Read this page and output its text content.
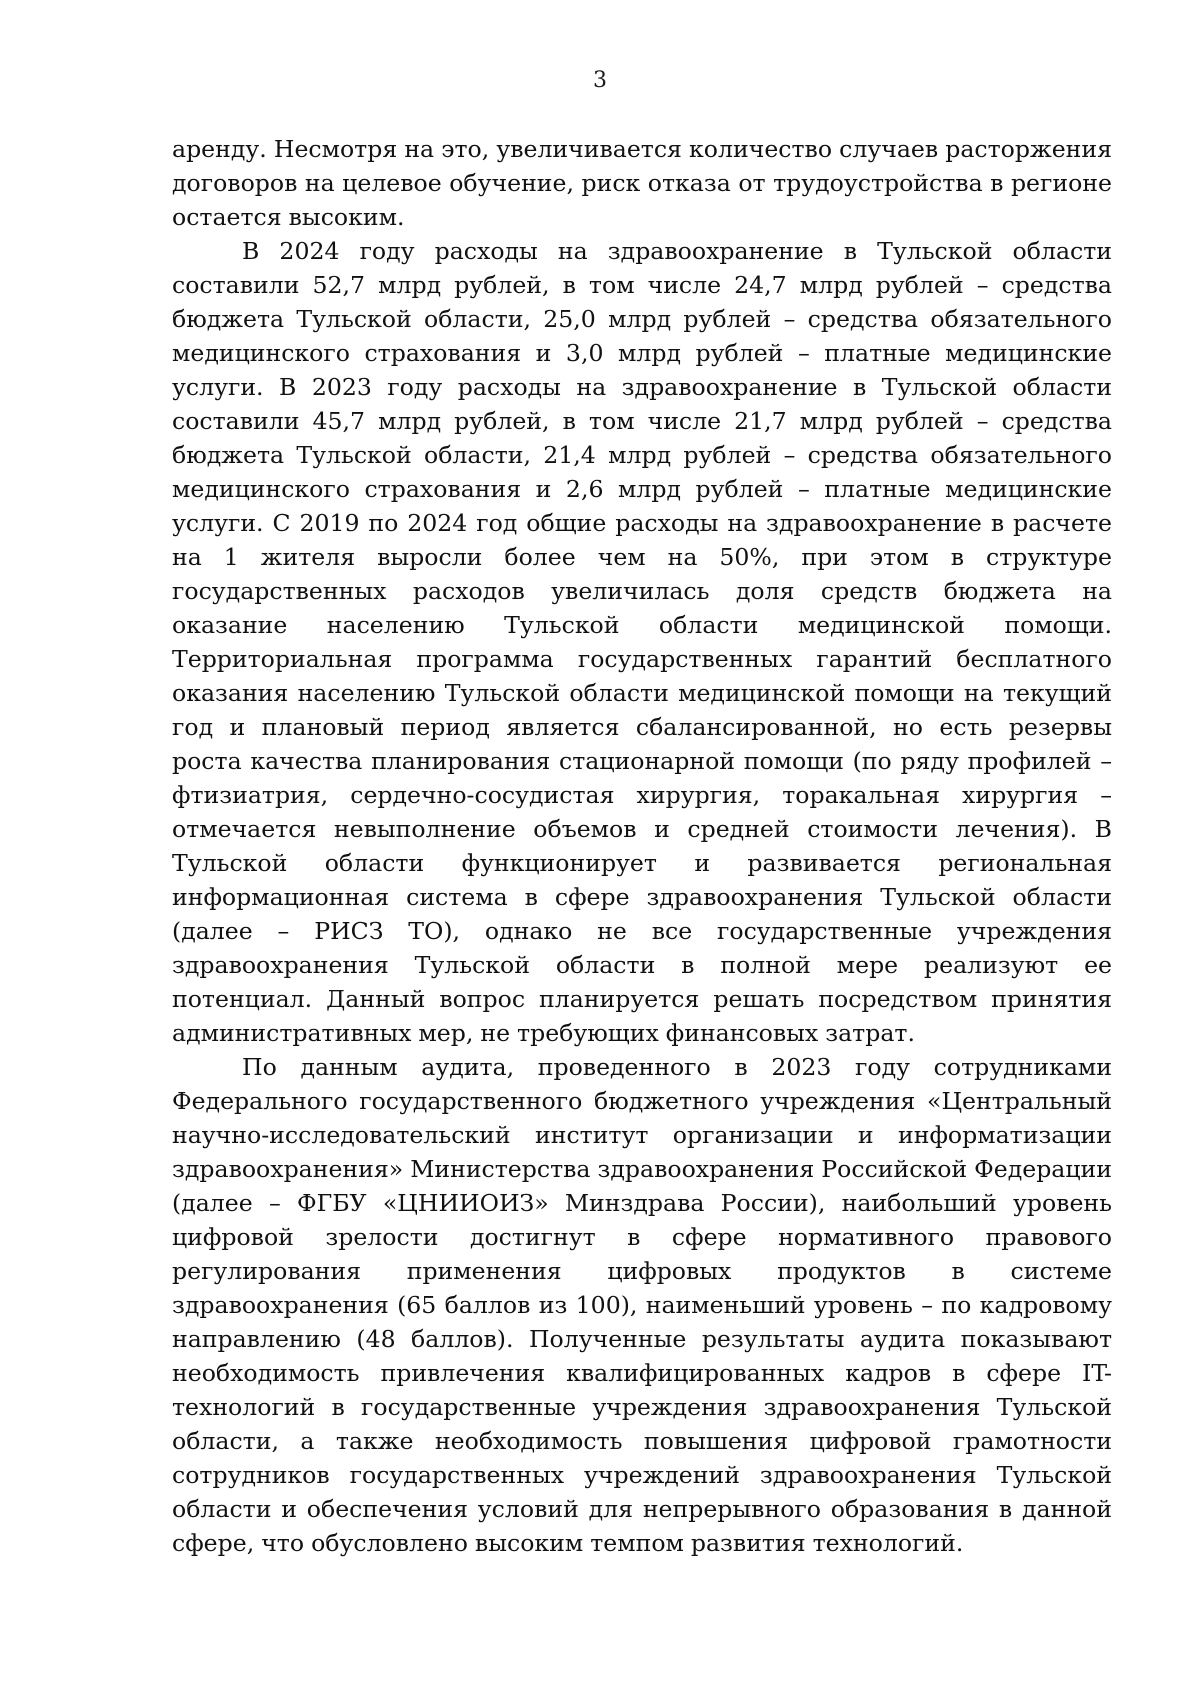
3

аренду. Несмотря на это, увеличивается количество случаев расторжения договоров на целевое обучение, риск отказа от трудоустройства в регионе остается высоким.

В 2024 году расходы на здравоохранение в Тульской области составили 52,7 млрд рублей, в том числе 24,7 млрд рублей – средства бюджета Тульской области, 25,0 млрд рублей – средства обязательного медицинского страхования и 3,0 млрд рублей – платные медицинские услуги. В 2023 году расходы на здравоохранение в Тульской области составили 45,7 млрд рублей, в том числе 21,7 млрд рублей – средства бюджета Тульской области, 21,4 млрд рублей – средства обязательного медицинского страхования и 2,6 млрд рублей – платные медицинские услуги. С 2019 по 2024 год общие расходы на здравоохранение в расчете на 1 жителя выросли более чем на 50%, при этом в структуре государственных расходов увеличилась доля средств бюджета на оказание населению Тульской области медицинской помощи. Территориальная программа государственных гарантий бесплатного оказания населению Тульской области медицинской помощи на текущий год и плановый период является сбалансированной, но есть резервы роста качества планирования стационарной помощи (по ряду профилей – фтизиатрия, сердечно-сосудистая хирургия, торакальная хирургия – отмечается невыполнение объемов и средней стоимости лечения). В Тульской области функционирует и развивается региональная информационная система в сфере здравоохранения Тульской области (далее – РИСЗ ТО), однако не все государственные учреждения здравоохранения Тульской области в полной мере реализуют ее потенциал. Данный вопрос планируется решать посредством принятия административных мер, не требующих финансовых затрат.

По данным аудита, проведенного в 2023 году сотрудниками Федерального государственного бюджетного учреждения «Центральный научно-исследовательский институт организации и информатизации здравоохранения» Министерства здравоохранения Российской Федерации (далее – ФГБУ «ЦНИИОИЗ» Минздрава России), наибольший уровень цифровой зрелости достигнут в сфере нормативного правового регулирования применения цифровых продуктов в системе здравоохранения (65 баллов из 100), наименьший уровень – по кадровому направлению (48 баллов). Полученные результаты аудита показывают необходимость привлечения квалифицированных кадров в сфере IT-технологий в государственные учреждения здравоохранения Тульской области, а также необходимость повышения цифровой грамотности сотрудников государственных учреждений здравоохранения Тульской области и обеспечения условий для непрерывного образования в данной сфере, что обусловлено высоким темпом развития технологий.
